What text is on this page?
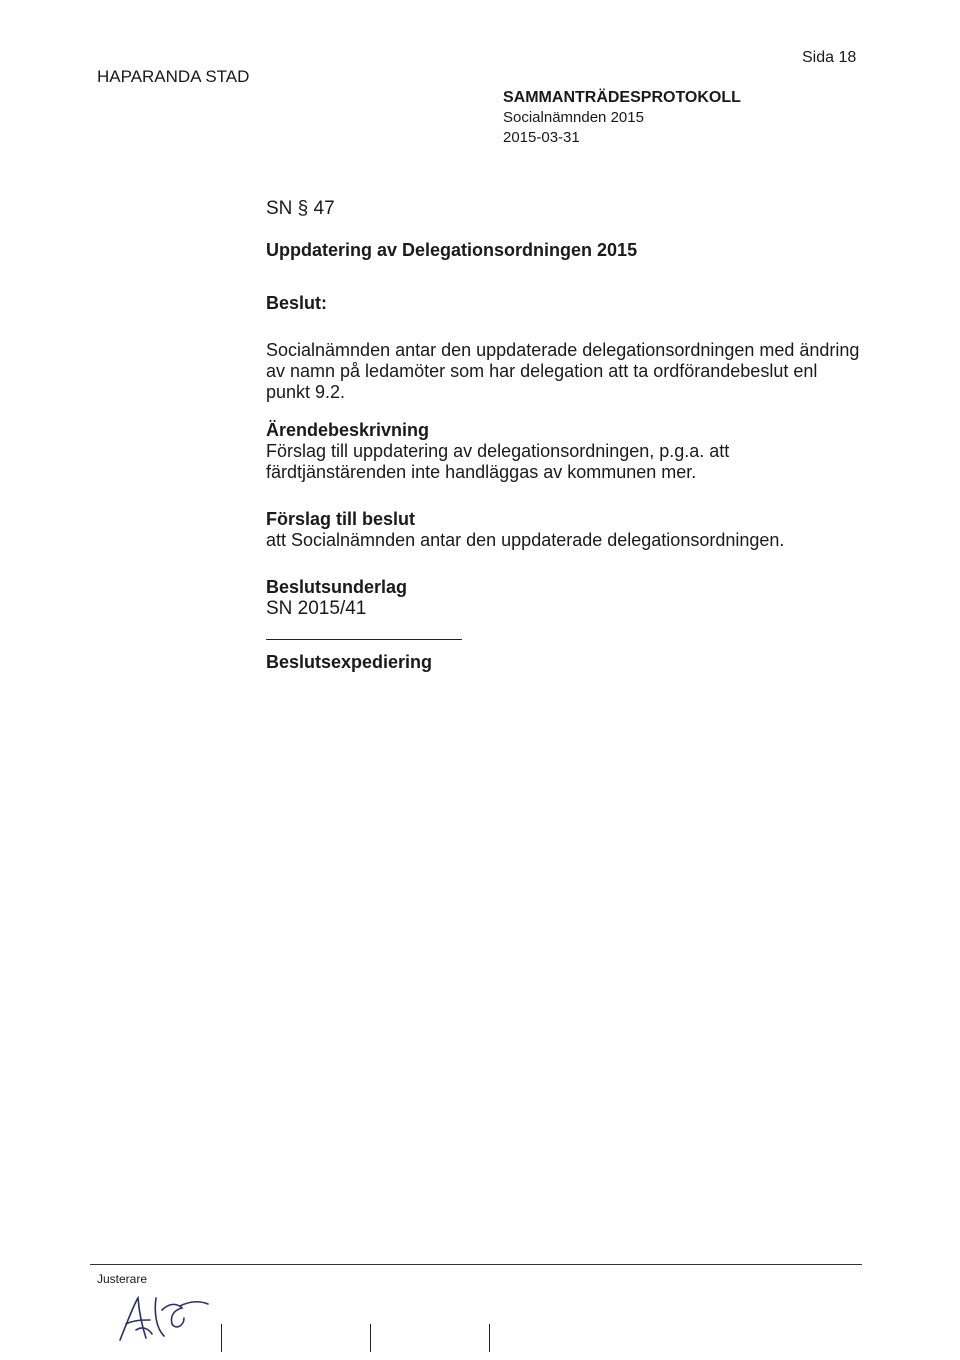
HAPARANDA STAD
Sida 18
SAMMANTRÄDESPROTOKOLL
Socialnämnden 2015
2015-03-31
SN § 47
Uppdatering av Delegationsordningen 2015
Beslut:

Socialnämnden antar den uppdaterade delegationsordningen med ändring av namn på ledamöter som har delegation att ta ordförandebeslut enl punkt 9.2.

Ärendebeskrivning

Förslag till uppdatering av delegationsordningen, p.g.a. att färdtjänstärenden inte handläggas av kommunen mer.

Förslag till beslut

att Socialnämnden antar den uppdaterade delegationsordningen.

Beslutsunderlag
SN 2015/41
Beslutsexpediering
Justerare
